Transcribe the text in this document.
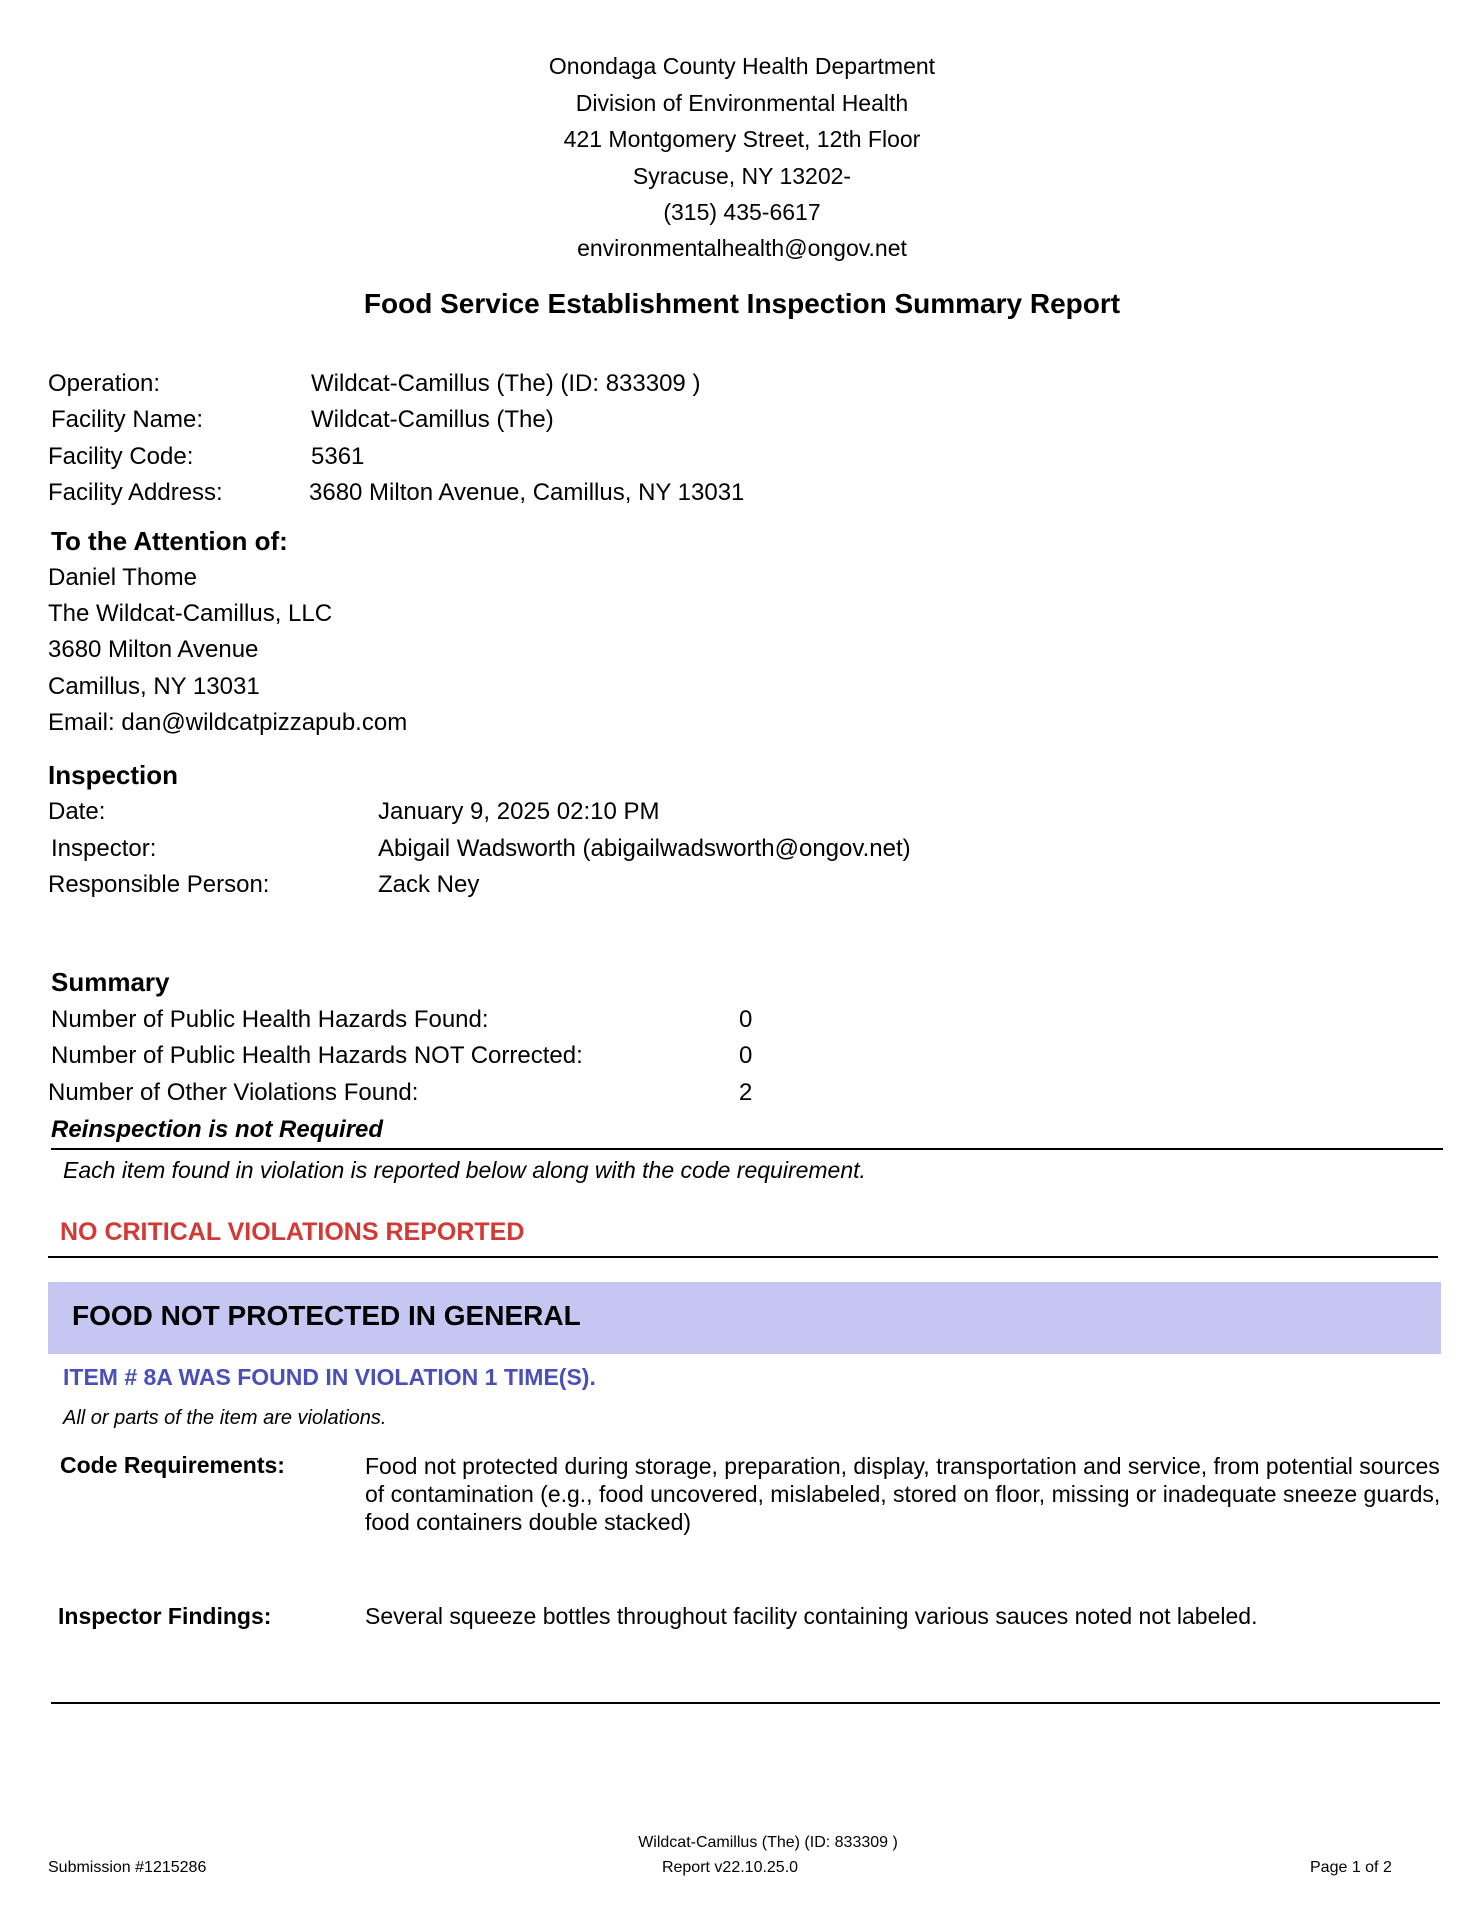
Onondaga County Health Department
Division of Environmental Health
421 Montgomery Street, 12th Floor
Syracuse, NY 13202-
(315) 435-6617
environmentalhealth@ongov.net
Food Service Establishment Inspection Summary Report
Operation:	Wildcat-Camillus (The) (ID: 833309 )
Facility Name:	Wildcat-Camillus (The)
Facility Code:	5361
Facility Address:	3680 Milton Avenue, Camillus, NY 13031
To the Attention of:
Daniel Thome
The Wildcat-Camillus, LLC
3680 Milton Avenue
Camillus, NY 13031
Email: dan@wildcatpizzapub.com
Inspection
Date:	January 9, 2025 02:10 PM
Inspector:	Abigail Wadsworth (abigailwadsworth@ongov.net)
Responsible Person:	Zack Ney
Summary
Number of Public Health Hazards Found:	0
Number of Public Health Hazards NOT Corrected:	0
Number of Other Violations Found:	2
Reinspection is not Required
Each item found in violation is reported below along with the code requirement.
NO CRITICAL VIOLATIONS REPORTED
FOOD NOT PROTECTED IN GENERAL
ITEM # 8A WAS FOUND IN VIOLATION 1 TIME(S).
All or parts of the item are violations.
Code Requirements:	Food not protected during storage, preparation, display, transportation and service, from potential sources of contamination (e.g., food uncovered, mislabeled, stored on floor, missing or inadequate sneeze guards, food containers double stacked)
Inspector Findings:	Several squeeze bottles throughout facility containing various sauces noted not labeled.
Wildcat-Camillus (The) (ID: 833309 )
Submission #1215286	Report v22.10.25.0	Page 1 of 2
